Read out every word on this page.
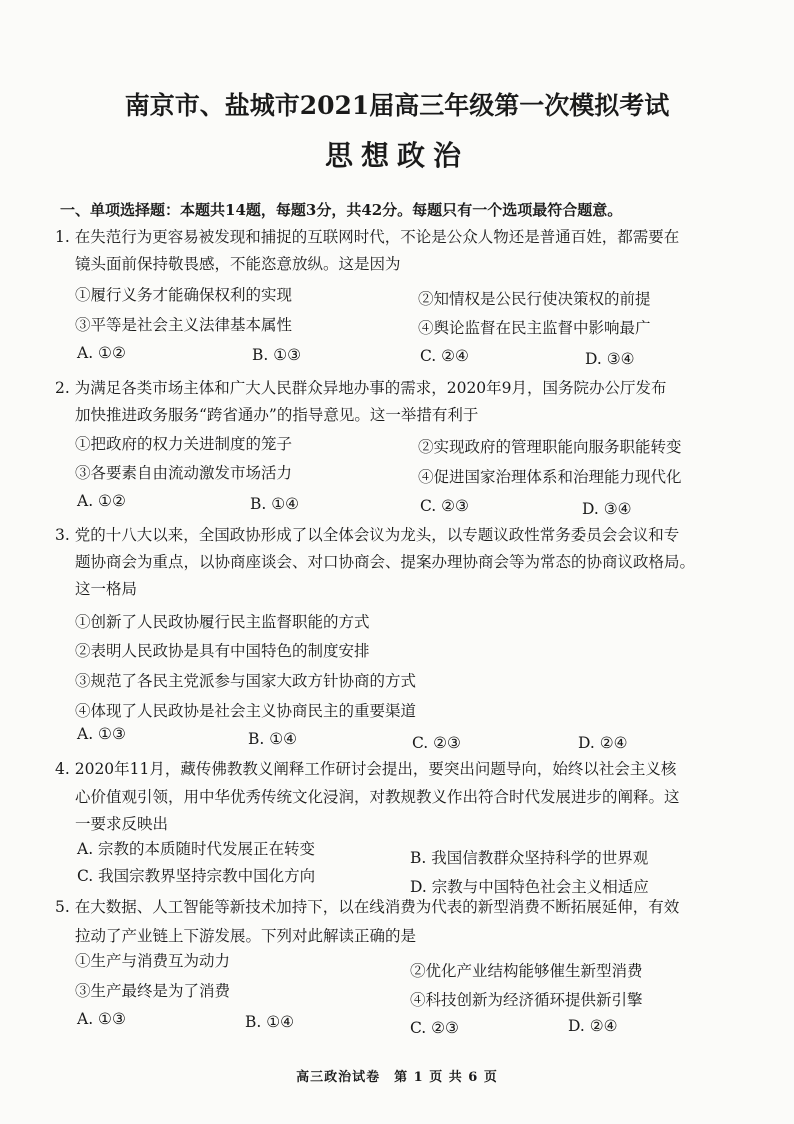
南京市、盐城市2021届高三年级第一次模拟考试
思想政治
一、单项选择题：本题共14题，每题3分，共42分。每题只有一个选项最符合题意。
1. 在失范行为更容易被发现和捕捉的互联网时代，不论是公众人物还是普通百姓，都需要在
镜头面前保持敬畏感，不能恣意放纵。这是因为
①履行义务才能确保权利的实现	②知情权是公民行使决策权的前提
③平等是社会主义法律基本属性	④舆论监督在民主监督中影响最广
A. ①②	B. ①③	C. ②④	D. ③④
2. 为满足各类市场主体和广大人民群众异地办事的需求，2020年9月，国务院办公厅发布
加快推进政务服务“跨省通办”的指导意见。这一举措有利于
①把政府的权力关进制度的笼子	②实现政府的管理职能向服务职能转变
③各要素自由流动激发市场活力	④促进国家治理体系和治理能力现代化
A. ①②	B. ①④	C. ②③	D. ③④
3. 党的十八大以来，全国政协形成了以全体会议为龙头，以专题议政性常务委员会会议和专
题协商会为重点，以协商座谈会、对口协商会、提案办理协商会等为常态的协商议政格局。
这一格局
①创新了人民政协履行民主监督职能的方式
②表明人民政协是具有中国特色的制度安排
③规范了各民主党派参与国家大政方针协商的方式
④体现了人民政协是社会主义协商民主的重要渠道
A. ①③	B. ①④	C. ②③	D. ②④
4. 2020年11月，藏传佛教教义阐释工作研讨会提出，要突出问题导向，始终以社会主义核
心价值观引领，用中华优秀传统文化浸润，对教规教义作出符合时代发展进步的阐释。这
一要求反映出
A. 宗教的本质随时代发展正在转变	B. 我国信教群众坚持科学的世界观
C. 我国宗教界坚持宗教中国化方向
D. 宗教与中国特色社会主义相适应
5. 在大数据、人工智能等新技术加持下，以在线消费为代表的新型消费不断拓展延伸，有效
拉动了产业链上下游发展。下列对此解读正确的是
①生产与消费互为动力
②优化产业结构能够催生新型消费
③生产最终是为了消费	④科技创新为经济循环提供新引擎
A. ①③	B. ①④	C. ②③	D. ②④
高三政治试卷　第 1 页 共 6 页
